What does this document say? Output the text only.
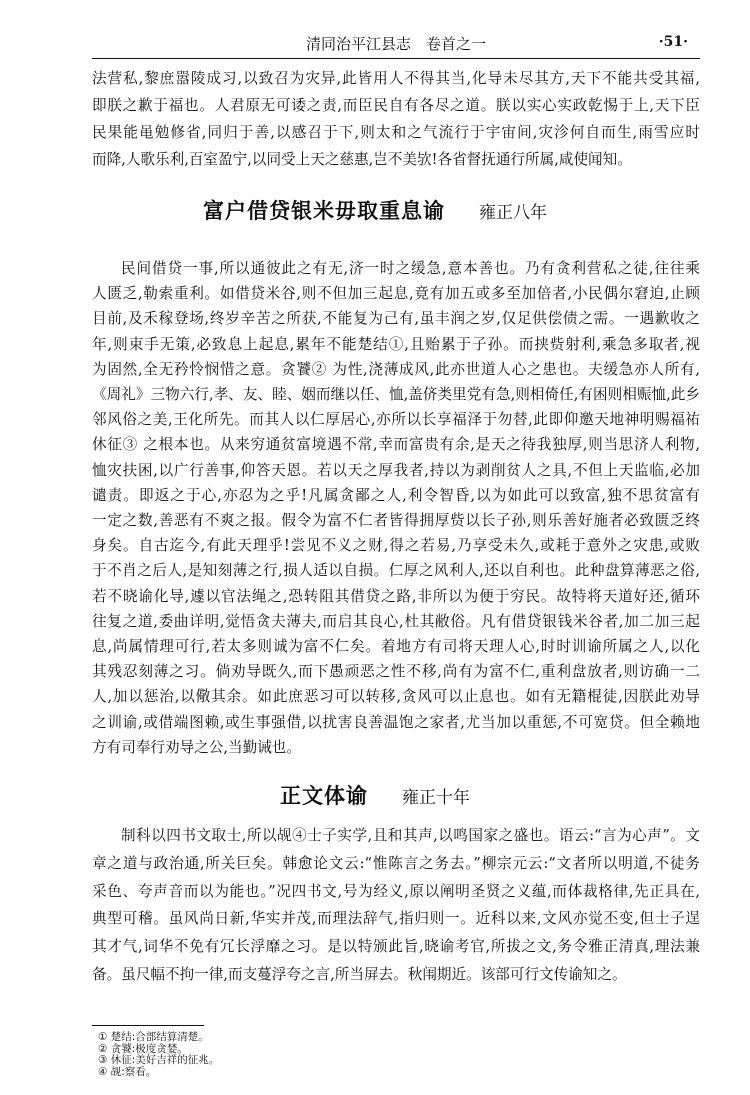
清同治平江县志　卷首之一	·51·
法营私,黎庶嚣陵成习,以致召为灾异,此皆用人不得其当,化导未尽其方,天下不能共受其福,
即朕之歉于福也。人君原无可诿之责,而臣民自有各尽之道。朕以实心实政乾惕于上,天下臣
民果能黾勉修省,同归于善,以感召于下,则太和之气流行于宇宙间,灾沴何自而生,雨雪应时
而降,人歌乐利,百室盈宁,以同受上天之慈惠,岂不美欤!各省督抚通行所属,咸使闻知。
富户借贷银米毋取重息谕 雍正八年
民间借贷一事,所以通彼此之有无,济一时之缓急,意本善也。乃有贪利营私之徒,往往乘
人匮乏,勒索重利。如借贷米谷,则不但加三起息,竟有加五或多至加倍者,小民偶尔窘迫,止顾
目前,及禾稼登场,终岁辛苦之所获,不能复为己有,虽丰润之岁,仅足供偿债之需。一遇歉收之
年,则束手无策,必致息上起息,累年不能楚结①,且贻累于子孙。而挟赀射利,乘急多取者,视
为固然,全无矜怜悯惜之意。贪饕② 为性,浇薄成风,此亦世道人心之患也。夫缓急亦人所有,
《周礼》三物六行,孝、友、睦、姻而继以任、恤,盖侪类里党有急,则相倚任,有困则相赈恤,此乡
邻风俗之美,王化所先。而其人以仁厚居心,亦所以长享福泽于勿替,此即仰邀天地神明赐福祐
休征③ 之根本也。从来穷通贫富境遇不常,幸而富贵有余,是天之待我独厚,则当思济人利物,
恤灾扶困,以广行善事,仰答天恩。若以天之厚我者,持以为剥削贫人之具,不但上天监临,必加
谴责。即返之于心,亦忍为之乎!凡属贪鄙之人,利令智昏,以为如此可以致富,独不思贫富有
一定之数,善恶有不爽之报。假令为富不仁者皆得拥厚赀以长子孙,则乐善好施者必致匮乏终
身矣。自古迄今,有此天理乎!尝见不义之财,得之若易,乃享受未久,或耗于意外之灾患,或败
于不肖之后人,是知刻薄之行,损人适以自损。仁厚之风利人,还以自利也。此种盘算薄恶之俗,
若不晓谕化导,遽以官法绳之,恐转阻其借贷之路,非所以为便于穷民。故特将天道好还,循环
往复之道,委曲详明,觉悟贪夫薄夫,而启其良心,杜其敝俗。凡有借贷银钱米谷者,加二加三起
息,尚属情理可行,若太多则诚为富不仁矣。着地方有司将天理人心,时时训谕所属之人,以化
其残忍刻薄之习。倘劝导既久,而下愚顽恶之性不移,尚有为富不仁,重利盘放者,则访确一二
人,加以惩治,以儆其余。如此庶恶习可以转移,贪风可以止息也。如有无籍棍徒,因朕此劝导
之训谕,或借端图赖,或生事强借,以扰害良善温饱之家者,尤当加以重惩,不可宽贷。但全赖地
方有司奉行劝导之公,当勤诫也。
正文体谕 雍正十年
制科以四书文取士,所以觇④士子实学,且和其声,以鸣国家之盛也。语云:“言为心声”。文
章之道与政治通,所关巨矣。韩愈论文云:“惟陈言之务去。”柳宗元云:“文者所以明道,不徒务
采色、夸声音而以为能也。”况四书文,号为经义,原以阐明圣贤之义蕴,而体裁格律,先正具在,
典型可稽。虽风尚日新,华实并茂,而理法辞气,指归则一。近科以来,文风亦觉丕变,但士子逞
其才气,词华不免有冗长浮靡之习。是以特颁此旨,晓谕考官,所拔之文,务令雅正清真,理法兼
备。虽尺幅不拘一律,而支蔓浮夸之言,所当屏去。秋闱期近。该部可行文传谕知之。
① 楚结:合部结算清楚。
② 贪饕:极度贪婪。
③ 休征:美好吉祥的征兆。
④ 觇:察看。
